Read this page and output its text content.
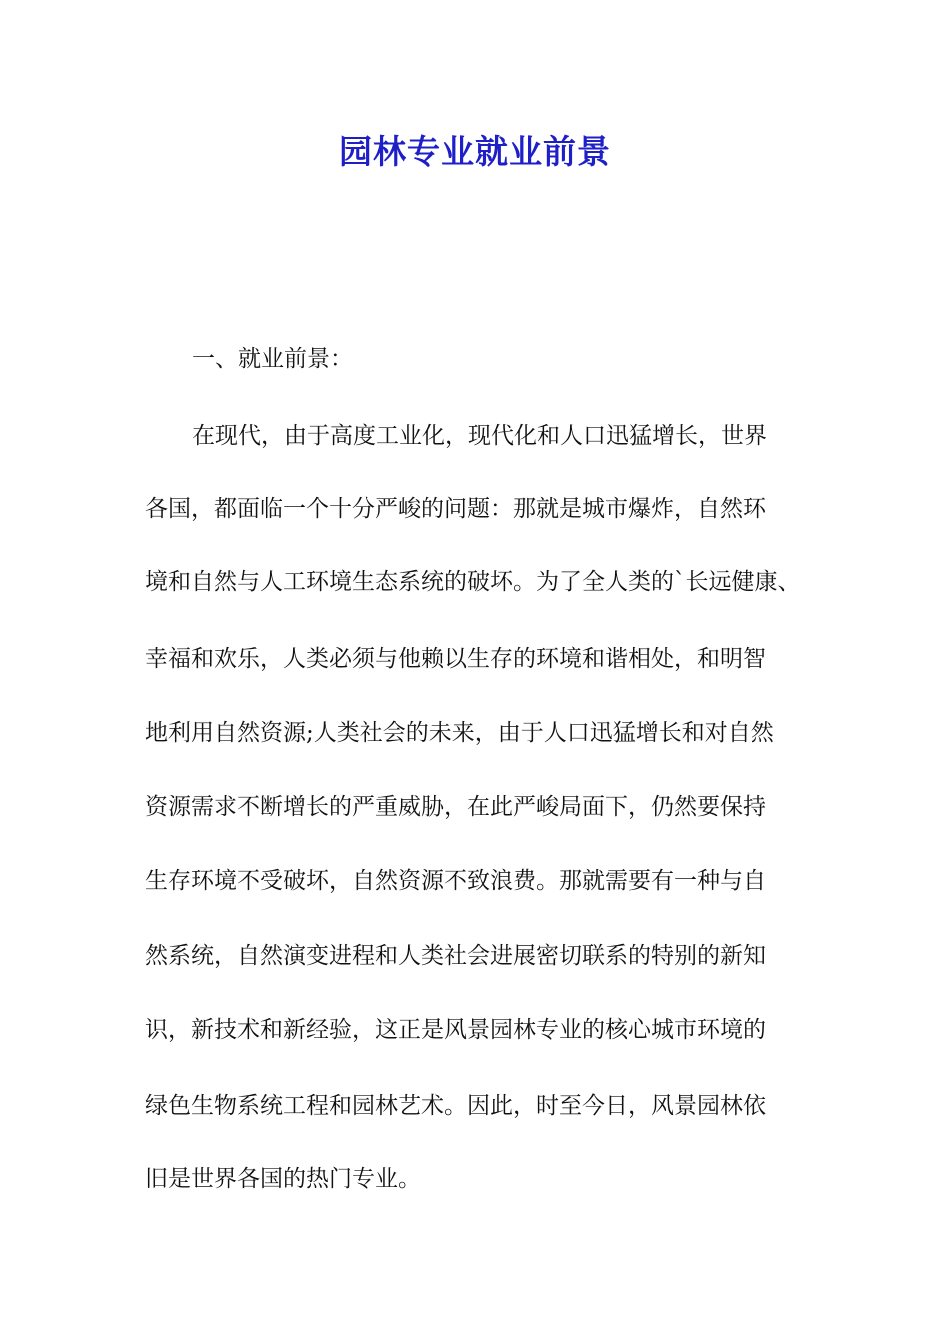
园林专业就业前景
一、就业前景：
在现代，由于高度工业化，现代化和人口迅猛增长，世界
各国，都面临一个十分严峻的问题：那就是城市爆炸，自然环
境和自然与人工环境生态系统的破坏。为了全人类的`长远健康、
幸福和欢乐，人类必须与他赖以生存的环境和谐相处，和明智
地利用自然资源;人类社会的未来，由于人口迅猛增长和对自然
资源需求不断增长的严重威胁，在此严峻局面下，仍然要保持
生存环境不受破坏，自然资源不致浪费。那就需要有一种与自
然系统，自然演变进程和人类社会进展密切联系的特别的新知
识，新技术和新经验，这正是风景园林专业的核心城市环境的
绿色生物系统工程和园林艺术。因此，时至今日，风景园林依
旧是世界各国的热门专业。
